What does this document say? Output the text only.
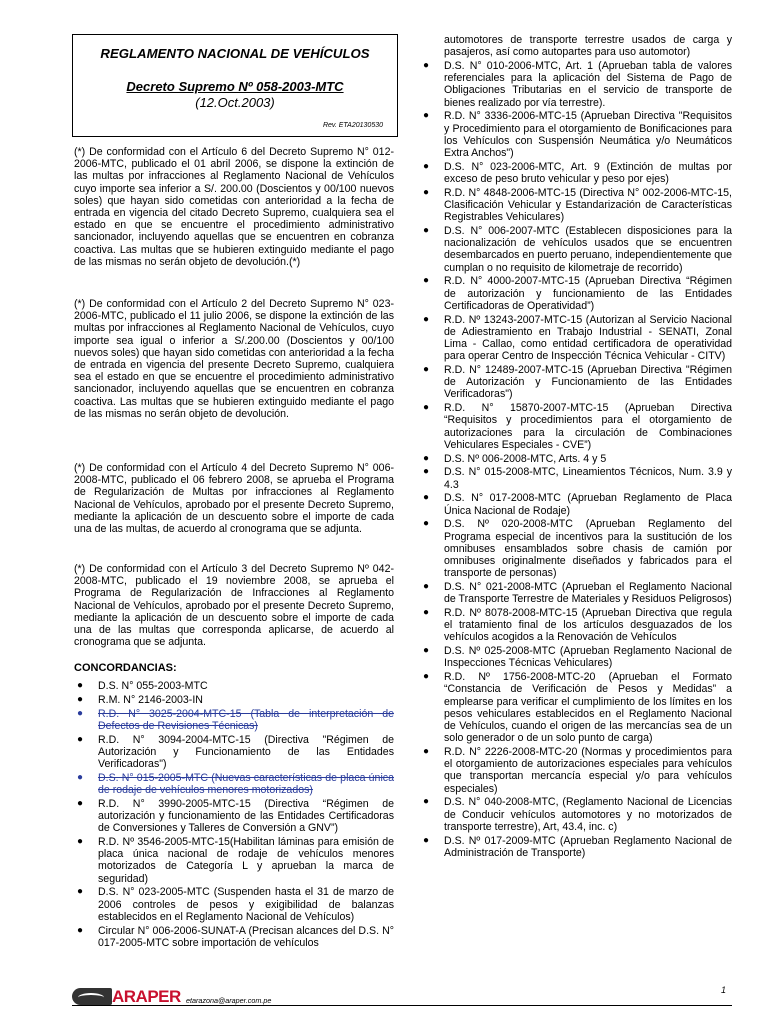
REGLAMENTO NACIONAL DE VEHÍCULOS
Decreto Supremo Nº 058-2003-MTC
(12.Oct.2003)
Rev. ETA20130530

(*) De conformidad con el Artículo 6 del Decreto Supremo N° 012-2006-MTC, publicado el 01 abril 2006, se dispone la extinción de las multas por infracciones al Reglamento Nacional de Vehículos cuyo importe sea inferior a S/. 200.00 (Doscientos y 00/100 nuevos soles) que hayan sido cometidas con anterioridad a la fecha de entrada en vigencia del citado Decreto Supremo, cualquiera sea el estado en que se encuentre el procedimiento administrativo sancionador, incluyendo aquellas que se encuentren en cobranza coactiva. Las multas que se hubieren extinguido mediante el pago de las mismas no serán objeto de devolución.(*)

(*) De conformidad con el Artículo 2 del Decreto Supremo N° 023-2006-MTC, publicado el 11 julio 2006, se dispone la extinción de las multas por infracciones al Reglamento Nacional de Vehículos, cuyo importe sea igual o inferior a S/.200.00 (Doscientos y 00/100 nuevos soles) que hayan sido cometidas con anterioridad a la fecha de entrada en vigencia del presente Decreto Supremo, cualquiera sea el estado en que se encuentre el procedimiento administrativo sancionador, incluyendo aquellas que se encuentren en cobranza coactiva. Las multas que se hubieren extinguido mediante el pago de las mismas no serán objeto de devolución.

(*) De conformidad con el Artículo 4 del Decreto Supremo N° 006-2008-MTC, publicado el 06 febrero 2008, se aprueba el Programa de Regularización de Multas por infracciones al Reglamento Nacional de Vehículos, aprobado por el presente Decreto Supremo, mediante la aplicación de un descuento sobre el importe de cada una de las multas, de acuerdo al cronograma que se adjunta.

(*) De conformidad con el Artículo 3 del Decreto Supremo Nº 042-2008-MTC, publicado el 19 noviembre 2008, se aprueba el Programa de Regularización de Infracciones al Reglamento Nacional de Vehículos, aprobado por el presente Decreto Supremo, mediante la aplicación de un descuento sobre el importe de cada una de las multas que corresponda aplicarse, de acuerdo al cronograma que se adjunta.

CONCORDANCIAS:
● D.S. N° 055-2003-MTC
● R.M. N° 2146-2003-IN
● R.D. N° 3025-2004-MTC-15 (Tabla de interpretación de Defectos de Revisiones Técnicas)
● R.D. N° 3094-2004-MTC-15 (Directiva "Régimen de Autorización y Funcionamiento de las Entidades Verificadoras")
● D.S. N° 015-2005-MTC (Nuevas características de placa única de rodaje de vehículos menores motorizados)
● R.D. N° 3990-2005-MTC-15 (Directiva “Régimen de autorización y funcionamiento de las Entidades Certificadoras de Conversiones y Talleres de Conversión a GNV”)
● R.D. Nº 3546-2005-MTC-15(Habilitan láminas para emisión de placa única nacional de rodaje de vehículos menores motorizados de Categoría L y aprueban la marca de seguridad)
● D.S. N° 023-2005-MTC (Suspenden hasta el 31 de marzo de 2006 controles de pesos y exigibilidad de balanzas establecidos en el Reglamento Nacional de Vehículos)
● Circular N° 006-2006-SUNAT-A (Precisan alcances del D.S. N° 017-2005-MTC sobre importación de vehículos
automotores de transporte terrestre usados de carga y pasajeros, así como autopartes para uso automotor)
● D.S. N° 010-2006-MTC, Art. 1 (Aprueban tabla de valores referenciales para la aplicación del Sistema de Pago de Obligaciones Tributarias en el servicio de transporte de bienes realizado por vía terrestre).
● R.D. N° 3336-2006-MTC-15 (Aprueban Directiva "Requisitos y Procedimiento para el otorgamiento de Bonificaciones para los Vehículos con Suspensión Neumática y/o Neumáticos Extra Anchos")
● D.S. N° 023-2006-MTC, Art. 9 (Extinción de multas por exceso de peso bruto vehicular y peso por ejes)
● R.D. N° 4848-2006-MTC-15 (Directiva N° 002-2006-MTC-15, Clasificación Vehicular y Estandarización de Características Registrables Vehiculares)
● D.S. N° 006-2007-MTC (Establecen disposiciones para la nacionalización de vehículos usados que se encuentren desembarcados en puerto peruano, independientemente que cumplan o no requisito de kilometraje de recorrido)
● R.D. N° 4000-2007-MTC-15 (Aprueban Directiva “Régimen de autorización y funcionamiento de las Entidades Certificadoras de Operatividad”)
● R.D. Nº 13243-2007-MTC-15 (Autorizan al Servicio Nacional de Adiestramiento en Trabajo Industrial - SENATI, Zonal Lima - Callao, como entidad certificadora de operatividad para operar Centro de Inspección Técnica Vehicular - CITV)
● R.D. N° 12489-2007-MTC-15 (Aprueban Directiva "Régimen de Autorización y Funcionamiento de las Entidades Verificadoras")
● R.D. N° 15870-2007-MTC-15 (Aprueban Directiva “Requisitos y procedimientos para el otorgamiento de autorizaciones para la circulación de Combinaciones Vehiculares Especiales - CVE”)
● D.S. Nº 006-2008-MTC, Arts. 4 y 5
● D.S. N° 015-2008-MTC, Lineamientos Técnicos, Num. 3.9 y 4.3
● D.S. N° 017-2008-MTC (Aprueban Reglamento de Placa Única Nacional de Rodaje)
● D.S. Nº 020-2008-MTC (Aprueban Reglamento del Programa especial de incentivos para la sustitución de los omnibuses ensamblados sobre chasis de camión por omnibuses originalmente diseñados y fabricados para el transporte de personas)
● D.S. N° 021-2008-MTC (Aprueban el Reglamento Nacional de Transporte Terrestre de Materiales y Residuos Peligrosos)
● R.D. Nº 8078-2008-MTC-15 (Aprueban Directiva que regula el tratamiento final de los artículos desguazados de los vehículos acogidos a la Renovación de Vehículos
● D.S. Nº 025-2008-MTC (Aprueban Reglamento Nacional de Inspecciones Técnicas Vehiculares)
● R.D. Nº 1756-2008-MTC-20 (Aprueban el Formato “Constancia de Verificación de Pesos y Medidas” a emplearse para verificar el cumplimiento de los límites en los pesos vehiculares establecidos en el Reglamento Nacional de Vehículos, cuando el origen de las mercancías sea de un solo generador o de un solo punto de carga)
● R.D. N° 2226-2008-MTC-20 (Normas y procedimientos para el otorgamiento de autorizaciones especiales para vehículos que transportan mercancía especial y/o para vehículos especiales)
● D.S. N° 040-2008-MTC, (Reglamento Nacional de Licencias de Conducir vehículos automotores y no motorizados de transporte terrestre), Art, 43.4, inc. c)
● D.S. Nº 017-2009-MTC (Aprueban Reglamento Nacional de Administración de Transporte)
ARAPER etarazona@araper.com.pe
1
